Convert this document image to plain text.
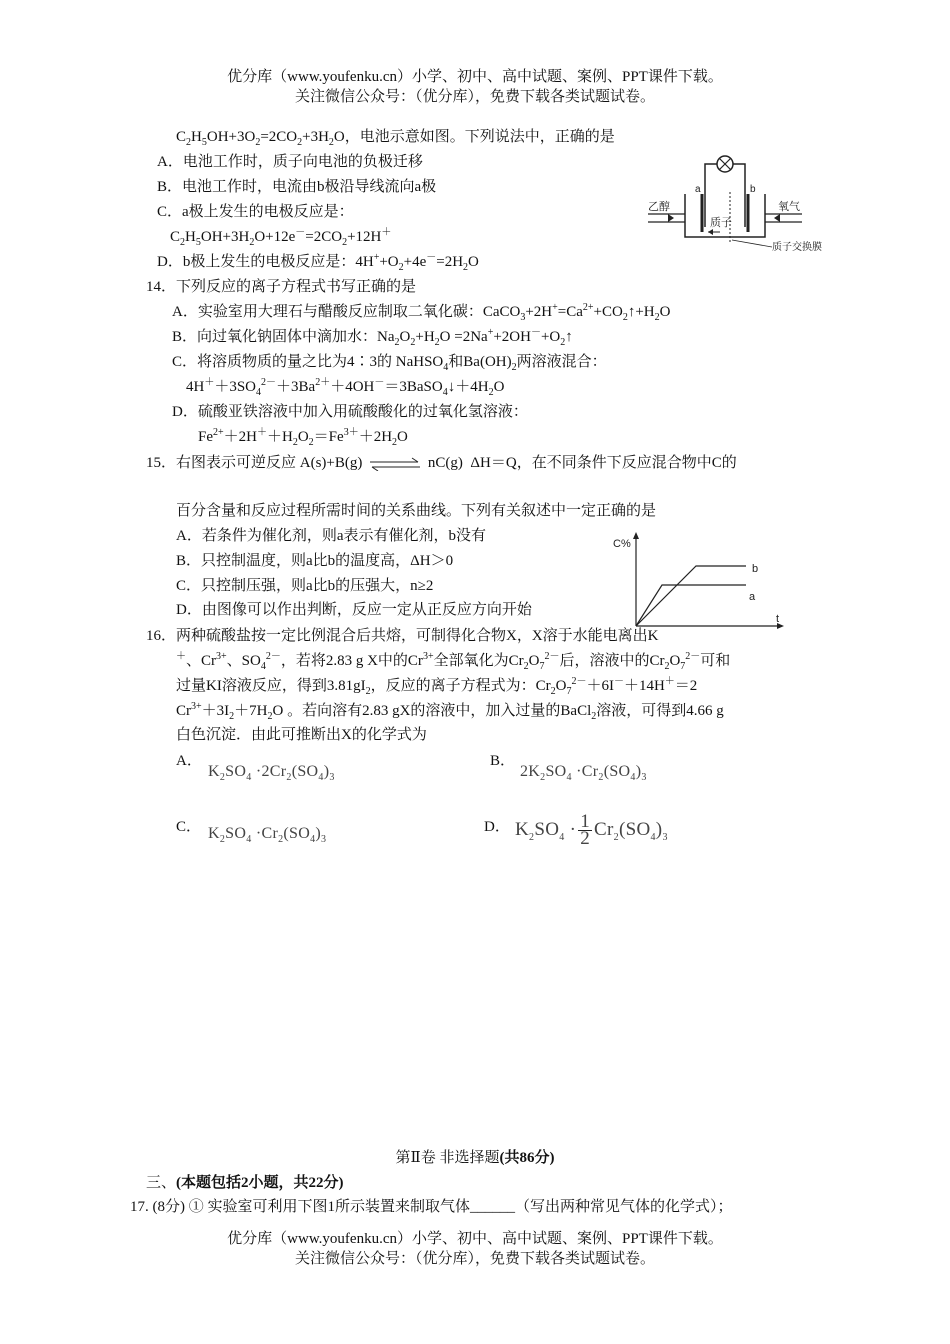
优分库（www.youfenku.cn）小学、初中、高中试题、案例、PPT课件下载。
关注微信公众号：（优分库），免费下载各类试题试卷。
$C_2H_5OH+3O_2=2CO_2+3H_2O$，电池示意如图。下列说法中，正确的是
A．电池工作时，质子向电池的负极迁移
B．电池工作时，电流由b极沿导线流向a极
C．a极上发生的电极反应是：
$C_2H_5OH+3H_2O+12e^-=2CO_2+12H^+$
D．b极上发生的电极反应是：$4H^++O_2+4e^-=2H_2O$
a	b
乙醇	氧气
质子
质子交换膜
14．下列反应的离子方程式书写正确的是
A．实验室用大理石与醋酸反应制取二氧化碳：$CaCO_3+2H^+=Ca^{2+}+CO_2↑+H_2O$
B．向过氧化钠固体中滴加水：$Na_2O_2+H_2O$ $=2Na^++2OH^-+O_2↑$
C．将溶质物质的量之比为4∶3的 NaHSO$_4$和$Ba(OH)_2$两溶液混合：
$4H^++3SO_4^{2-}+3Ba^{2+}+4OH^-=3BaSO_4↓+4H_2O$
D．硫酸亚铁溶液中加入用硫酸酸化的过氧化氢溶液：
$Fe^{2+}+2H^++H_2O_2=Fe^{3+}+2H_2O$
15．右图表示可逆反应 A(s)+B(g) ⇌ nC(g) ΔH＝Q，在不同条件下反应混合物中C的
百分含量和反应过程所需时间的关系曲线。下列有关叙述中一定正确的是
A．若条件为催化剂，则a表示有催化剂，b没有
B．只控制温度，则a比b的温度高，ΔH＞0
C．只控制压强，则a比b的压强大，n≥2
D．由图像可以作出判断，反应一定从正反应方向开始
C%
t
a
b
16．两种硫酸盐按一定比例混合后共熔，可制得化合物X，X溶于水能电离出K
＋、$Cr^{3+}$、$SO_4^{2-}$，若将2.83 g X中的$Cr^{3+}$全部氧化为$Cr_2O_7^{2-}$后，溶液中的$Cr_2O_7^{2-}$可和
过量KI溶液反应，得到$3.81gI_2$，反应的离子方程式为：$Cr_2O_7^{2-}+6I^-+14H^+=2$
$Cr^{3+}+3I_2+7H_2O$ 。若向溶有2.83 gX的溶液中，加入过量的BaCl$_2$溶液，可得到4.66 g
白色沉淀．由此可推断出X的化学式为
A．
$K_2SO_4 \cdot 2Cr_2(SO_4)_3$
B．
$2K_2SO_4 \cdot Cr_2(SO_4)_3$
C． $K_2SO_4 \cdot Cr_2(SO_4)_3$
D． $K_2SO_4 \cdot \frac{1}{2} Cr_2(SO_4)_3$
第Ⅱ卷 非选择题(共86分)
三、(本题包括2小题，共22分)
17. (8分) ① 实验室可利用下图1所示装置来制取气体______（写出两种常见气体的化学式）；
优分库（www.youfenku.cn）小学、初中、高中试题、案例、PPT课件下载。
关注微信公众号：（优分库），免费下载各类试题试卷。
